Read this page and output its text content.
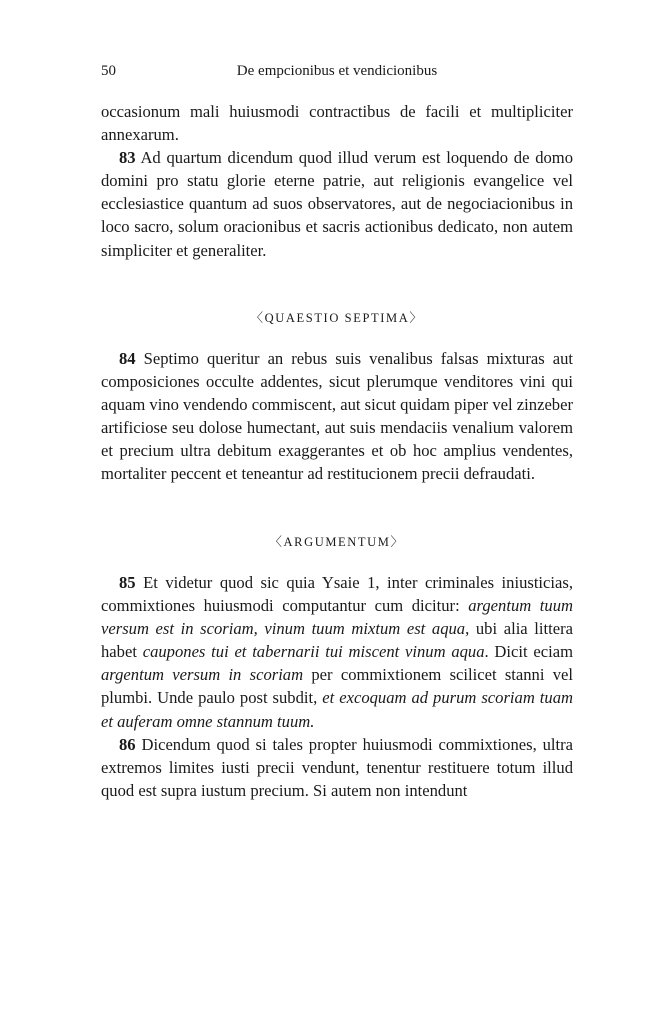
50	De empcionibus et vendicionibus

occasionum mali huiusmodi contractibus de facili et multipliciter annexarum.

83 Ad quartum dicendum quod illud verum est loquendo de domo domini pro statu glorie eterne patrie, aut religionis evangelice vel ecclesiastice quantum ad suos observatores, aut de negociacionibus in loco sacro, solum oracionibus et sacris actionibus dedicato, non autem simpliciter et generaliter.

〈QUAESTIO SEPTIMA〉

84 Septimo queritur an rebus suis venalibus falsas mixturas aut composiciones occulte addentes, sicut plerumque venditores vini qui aquam vino vendendo commiscent, aut sicut quidam piper vel zinzeber artificiose seu dolose humectant, aut suis mendaciis venalium valorem et precium ultra debitum exaggerantes et ob hoc amplius vendentes, mortaliter peccent et teneantur ad restitucionem precii defraudati.

〈ARGUMENTUM〉

85 Et videtur quod sic quia Ysaie 1, inter criminales iniusticias, commixtiones huiusmodi computantur cum dicitur: argentum tuum versum est in scoriam, vinum tuum mixtum est aqua, ubi alia littera habet caupones tui et tabernarii tui miscent vinum aqua. Dicit eciam argentum versum in scoriam per commixtionem scilicet stanni vel plumbi. Unde paulo post subdit, et excoquam ad purum scoriam tuam et auferam omne stannum tuum.

86 Dicendum quod si tales propter huiusmodi commixtiones, ultra extremos limites iusti precii vendunt, tenentur restituere totum illud quod est supra iustum precium. Si autem non intendunt
